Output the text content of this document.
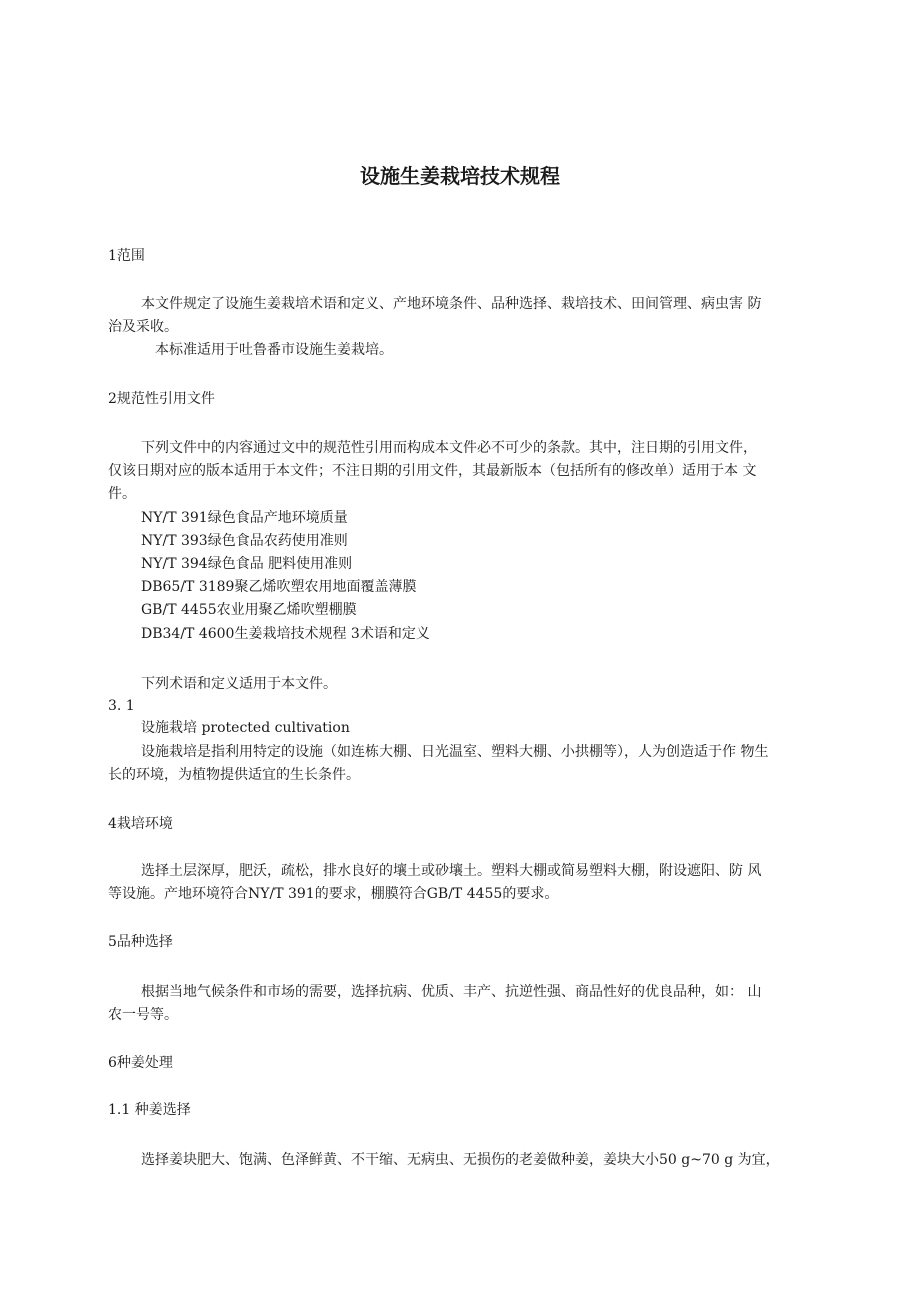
设施生姜栽培技术规程
1范围
本文件规定了设施生姜栽培术语和定义、产地环境条件、品种选择、栽培技术、田间管理、病虫害 防
治及采收。
本标准适用于吐鲁番市设施生姜栽培。
2规范性引用文件
下列文件中的内容通过文中的规范性引用而构成本文件必不可少的条款。其中，注日期的引用文件，
仅该日期对应的版本适用于本文件；不注日期的引用文件，其最新版本（包括所有的修改单）适用于本 文
件。
NY/T 391绿色食品产地环境质量
NY/T 393绿色食品农药使用准则
NY/T 394绿色食品 肥料使用准则
DB65/T 3189聚乙烯吹塑农用地面覆盖薄膜
GB/T 4455农业用聚乙烯吹塑棚膜
DB34/T 4600生姜栽培技术规程 3术语和定义
下列术语和定义适用于本文件。
3. 1
设施栽培 protected cultivation
设施栽培是指利用特定的设施（如连栋大棚、日光温室、塑料大棚、小拱棚等），人为创造适于作 物生
长的环境，为植物提供适宜的生长条件。
4栽培环境
选择土层深厚，肥沃，疏松，排水良好的壤土或砂壤土。塑料大棚或简易塑料大棚，附设遮阳、防 风
等设施。产地环境符合NY/T 391的要求，棚膜符合GB/T 4455的要求。
5品种选择
根据当地气候条件和市场的需要，选择抗病、优质、丰产、抗逆性强、商品性好的优良品种，如： 山
农一号等。
6种姜处理
1.1 种姜选择
选择姜块肥大、饱满、色泽鲜黄、不干缩、无病虫、无损伤的老姜做种姜，姜块大小50 g~70 g 为宜，
